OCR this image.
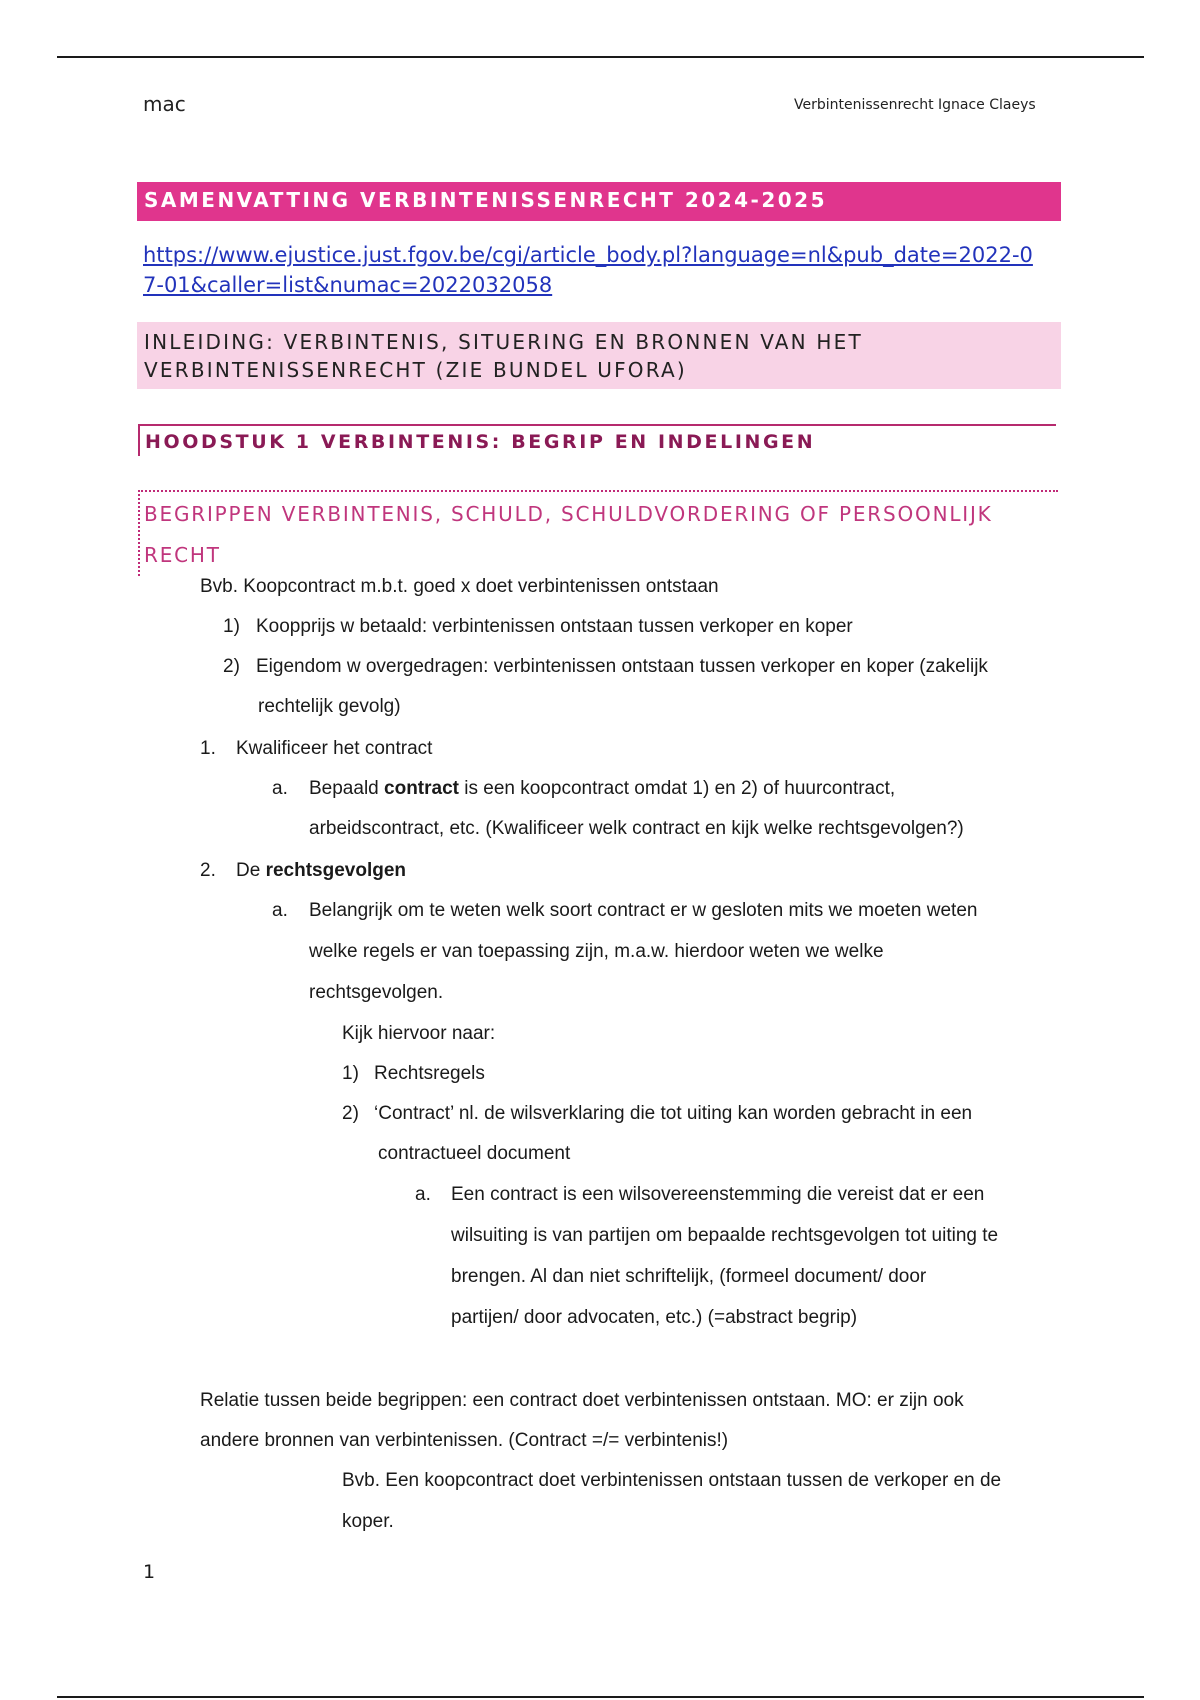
mac	Verbintenissenrecht Ignace Claeys
SAMENVATTING VERBINTENISSENRECHT 2024-2025
https://www.ejustice.just.fgov.be/cgi/article_body.pl?language=nl&pub_date=2022-07-01&caller=list&numac=2022032058
INLEIDING: VERBINTENIS, SITUERING EN BRONNEN VAN HET
VERBINTENISSENRECHT (ZIE BUNDEL UFORA)
HOODSTUK 1 VERBINTENIS: BEGRIP EN INDELINGEN
BEGRIPPEN VERBINTENIS, SCHULD, SCHULDVORDERING OF PERSOONLIJK
RECHT
Bvb. Koopcontract m.b.t. goed x doet verbintenissen ontstaan
1) Koopprijs w betaald: verbintenissen ontstaan tussen verkoper en koper
2) Eigendom w overgedragen: verbintenissen ontstaan tussen verkoper en koper (zakelijk
rechtelijk gevolg)
1. Kwalificeer het contract
a. Bepaald contract is een koopcontract omdat 1) en 2) of huurcontract,
arbeidscontract, etc. (Kwalificeer welk contract en kijk welke rechtsgevolgen?)
2. De rechtsgevolgen
a. Belangrijk om te weten welk soort contract er w gesloten mits we moeten weten
welke regels er van toepassing zijn, m.a.w. hierdoor weten we welke
rechtsgevolgen.
Kijk hiervoor naar:
1) Rechtsregels
2) ‘Contract’ nl. de wilsverklaring die tot uiting kan worden gebracht in een
contractueel document
a. Een contract is een wilsovereenstemming die vereist dat er een
wilsuiting is van partijen om bepaalde rechtsgevolgen tot uiting te
brengen. Al dan niet schriftelijk, (formeel document/ door
partijen/ door advocaten, etc.) (=abstract begrip)
Relatie tussen beide begrippen: een contract doet verbintenissen ontstaan. MO: er zijn ook
andere bronnen van verbintenissen. (Contract =/= verbintenis!)
Bvb. Een koopcontract doet verbintenissen ontstaan tussen de verkoper en de
koper.
1
